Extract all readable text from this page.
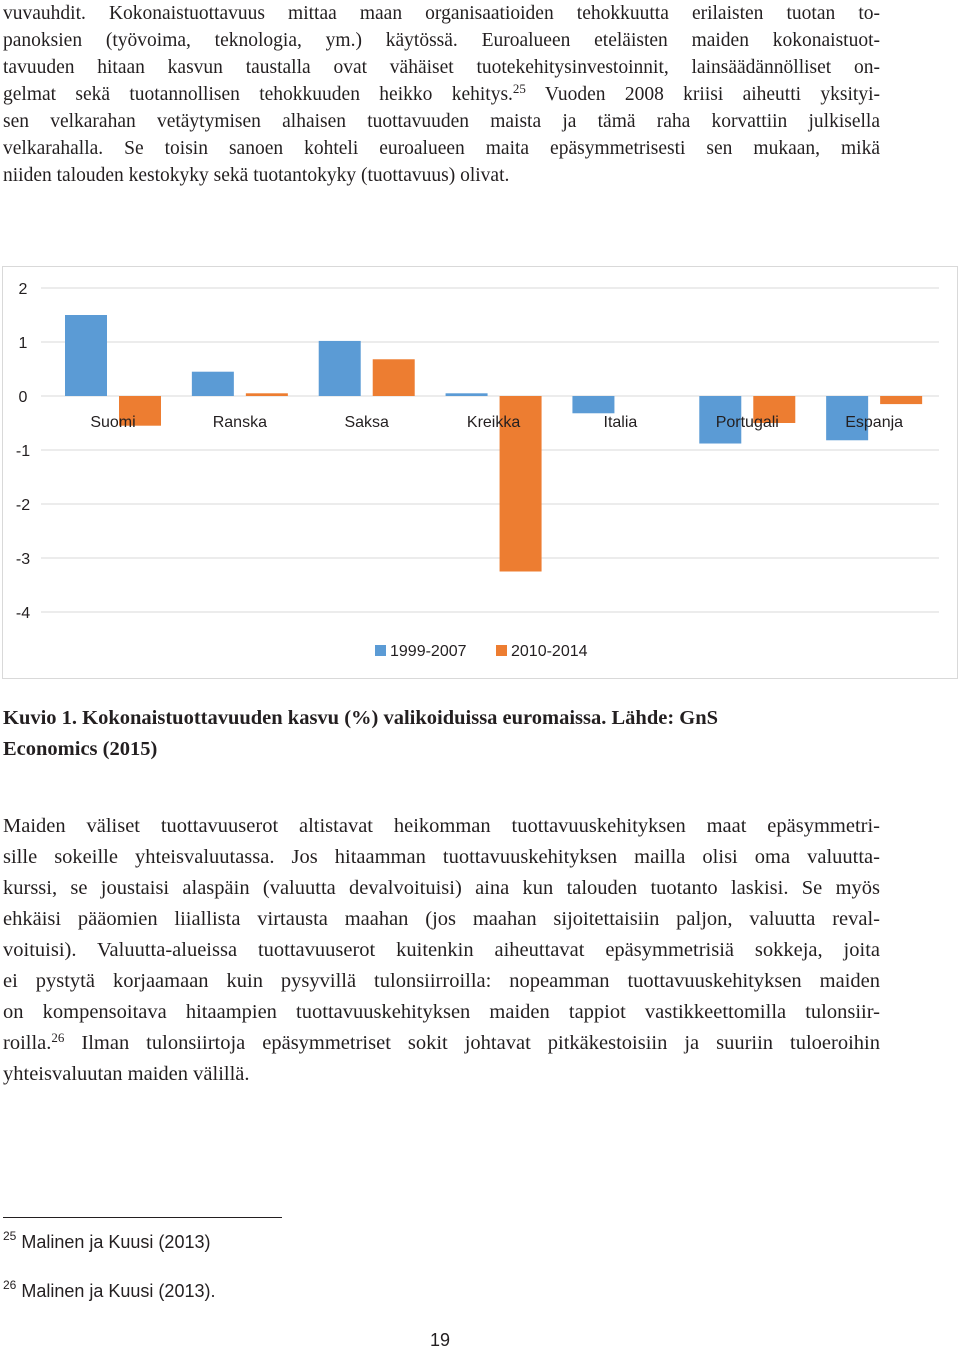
vuvauhdit. Kokonaistuottavuus mittaa maan organisaatioiden tehokkuutta erilaisten tuotan to-
panoksien (työvoima, teknologia, ym.) käytössä. Euroalueen eteläisten maiden kokonaistuot-
tavuuden hitaan kasvun taustalla ovat vähäiset tuotekehitysinvestoinnit, lainsäädännölliset on-
gelmat sekä tuotannollisen tehokkuuden heikko kehitys.$^{25}$ Vuoden 2008 kriisi aiheutti yksityi-
sen velkarahan vetäytymisen alhaisen tuottavuuden maista ja tämä raha korvattiin julkisella
velkarahalla. Se toisin sanoen kohteli euroalueen maita epäsymmetrisesti sen mukaan, mikä
niiden talouden kestokyky sekä tuotantokyky (tuottavuus) olivat.
2
1
0
-1
-2
-3
-4
Suomi	Ranska	Saksa	Kreikka	Italia	Portugali	Espanja
1999-2007	2010-2014
Kuvio 1. Kokonaistuottavuuden kasvu (%) valikoiduissa euromaissa. Lähde: GnS
Economics (2015)
Maiden väliset tuottavuuserot altistavat heikomman tuottavuuskehityksen maat epäsymmetri-
sille sokeille yhteisvaluutassa. Jos hitaamman tuottavuuskehityksen mailla olisi oma valuutta-
kurssi, se joustaisi alaspäin (valuutta devalvoituisi) aina kun talouden tuotanto laskisi. Se myös
ehkäisi pääomien liiallista virtausta maahan (jos maahan sijoitettaisiin paljon, valuutta reval-
voituisi). Valuutta-alueissa tuottavuuserot kuitenkin aiheuttavat epäsymmetrisiä sokkeja, joita
ei pystytä korjaamaan kuin pysyvillä tulonsiirroilla: nopeamman tuottavuuskehityksen maiden
on kompensoitava hitaampien tuottavuuskehityksen maiden tappiot vastikkeettomilla tulonsiir-
roilla.$^{26}$ Ilman tulonsiirtoja epäsymmetriset sokit johtavat pitkäkestoisiin ja suuriin tuloeroihin
yhteisvaluutan maiden välillä.
$^{25}$ Malinen ja Kuusi (2013)
$^{26}$ Malinen ja Kuusi (2013).
19
